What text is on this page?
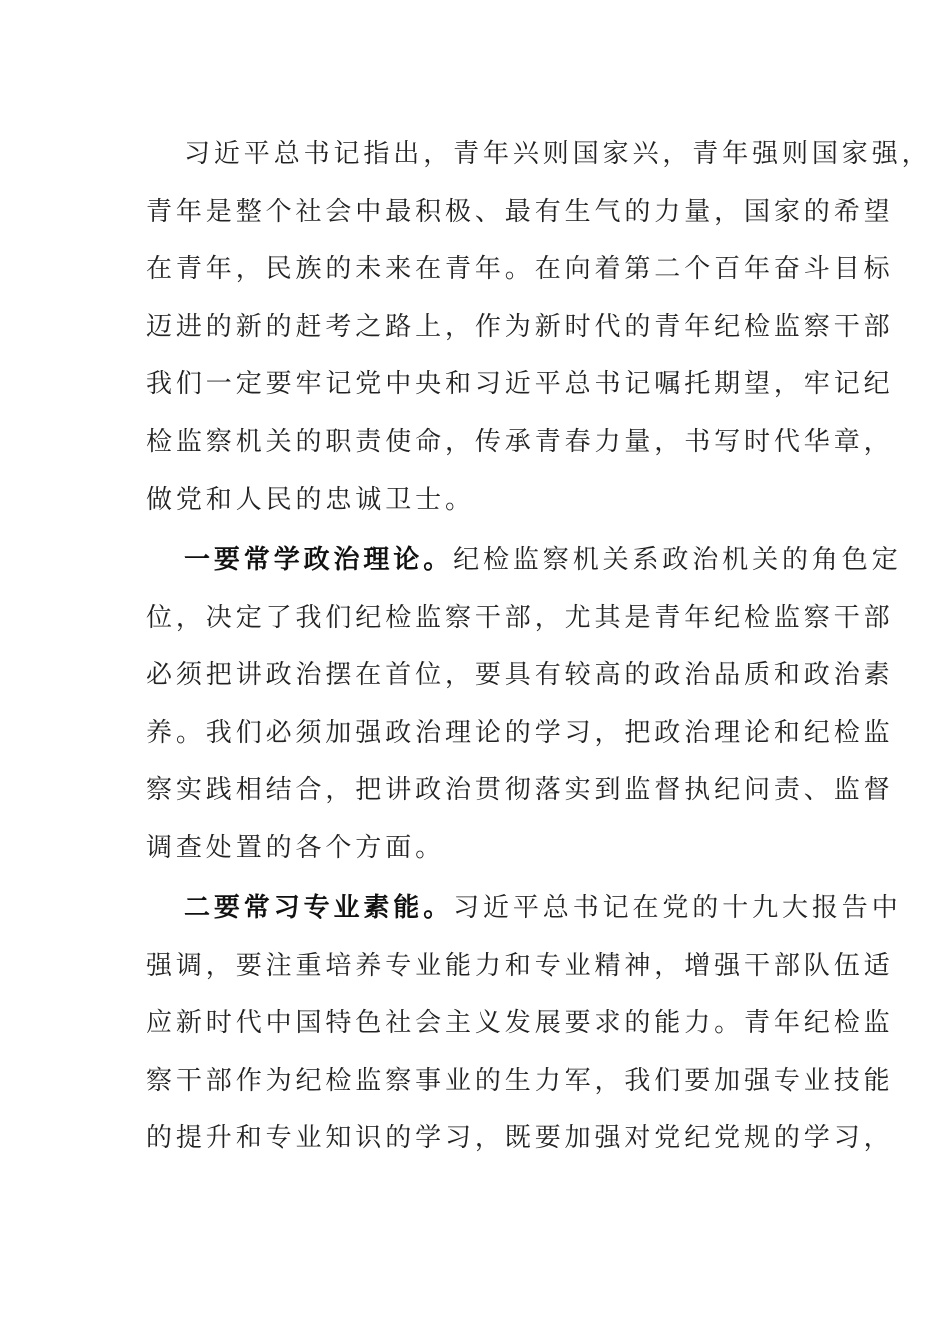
习近平总书记指出，青年兴则国家兴，青年强则国家强，
青年是整个社会中最积极、最有生气的力量，国家的希望
在青年，民族的未来在青年。在向着第二个百年奋斗目标
迈进的新的赶考之路上，作为新时代的青年纪检监察干部
我们一定要牢记党中央和习近平总书记嘱托期望，牢记纪
检监察机关的职责使命，传承青春力量，书写时代华章，
做党和人民的忠诚卫士。
一要常学政治理论。纪检监察机关系政治机关的角色定
位，决定了我们纪检监察干部，尤其是青年纪检监察干部
必须把讲政治摆在首位，要具有较高的政治品质和政治素
养。我们必须加强政治理论的学习，把政治理论和纪检监
察实践相结合，把讲政治贯彻落实到监督执纪问责、监督
调查处置的各个方面。
二要常习专业素能。习近平总书记在党的十九大报告中
强调，要注重培养专业能力和专业精神，增强干部队伍适
应新时代中国特色社会主义发展要求的能力。青年纪检监
察干部作为纪检监察事业的生力军，我们要加强专业技能
的提升和专业知识的学习，既要加强对党纪党规的学习，
